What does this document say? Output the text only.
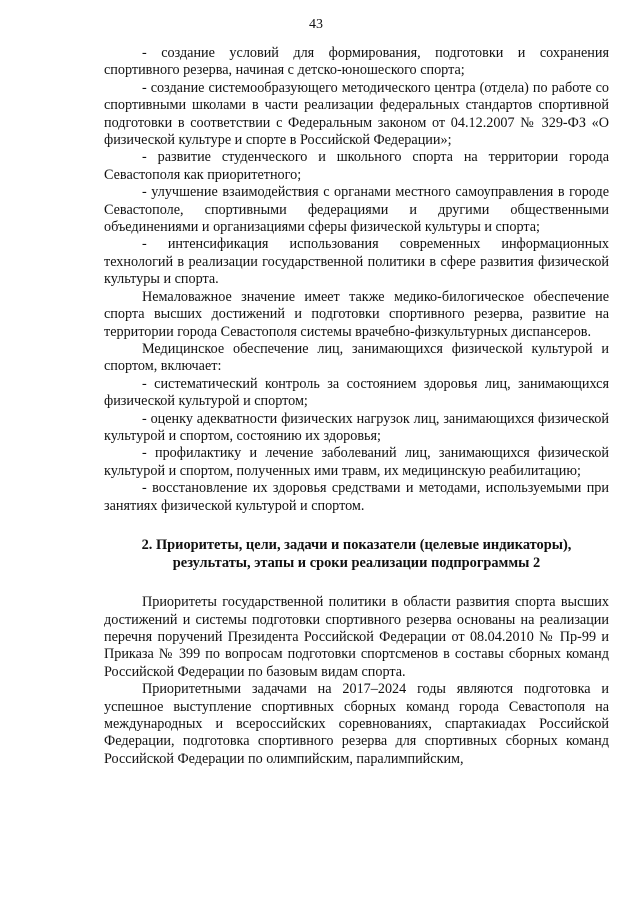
43

- создание условий для формирования, подготовки и сохранения спортивного резерва, начиная с детско-юношеского спорта;

- создание системообразующего методического центра (отдела) по работе со спортивными школами в части реализации федеральных стандартов спортивной подготовки в соответствии с Федеральным законом от 04.12.2007 № 329-ФЗ «О физической культуре и спорте в Российской Федерации»;

- развитие студенческого и школьного спорта на территории города Севастополя как приоритетного;

- улучшение взаимодействия с органами местного самоуправления в городе Севастополе, спортивными федерациями и другими общественными объединениями и организациями сферы физической культуры и спорта;

- интенсификация использования современных информационных технологий в реализации государственной политики в сфере развития физической культуры и спорта.

Немаловажное значение имеет также медико-билогическое обеспечение спорта высших достижений и подготовки спортивного резерва, развитие на территории города Севастополя системы врачебно-физкультурных диспансеров.

Медицинское обеспечение лиц, занимающихся физической культурой и спортом, включает:

- систематический контроль за состоянием здоровья лиц, занимающихся физической культурой и спортом;

- оценку адекватности физических нагрузок лиц, занимающихся физической культурой и спортом, состоянию их здоровья;

- профилактику и лечение заболеваний лиц, занимающихся физической культурой и спортом, полученных ими травм, их медицинскую реабилитацию;

- восстановление их здоровья средствами и методами, используемыми при занятиях физической культурой и спортом.

2. Приоритеты, цели, задачи и показатели (целевые индикаторы),
результаты, этапы и сроки реализации подпрограммы 2

Приоритеты государственной политики в области развития спорта высших достижений и системы подготовки спортивного резерва основаны на реализации перечня поручений Президента Российской Федерации от 08.04.2010 № Пр-99 и Приказа № 399 по вопросам подготовки спортсменов в составы сборных команд Российской Федерации по базовым видам спорта.

Приоритетными задачами на 2017–2024 годы являются подготовка и успешное выступление спортивных сборных команд города Севастополя на международных и всероссийских соревнованиях, спартакиадах Российской Федерации, подготовка спортивного резерва для спортивных сборных команд Российской Федерации по олимпийским, паралимпийским,
